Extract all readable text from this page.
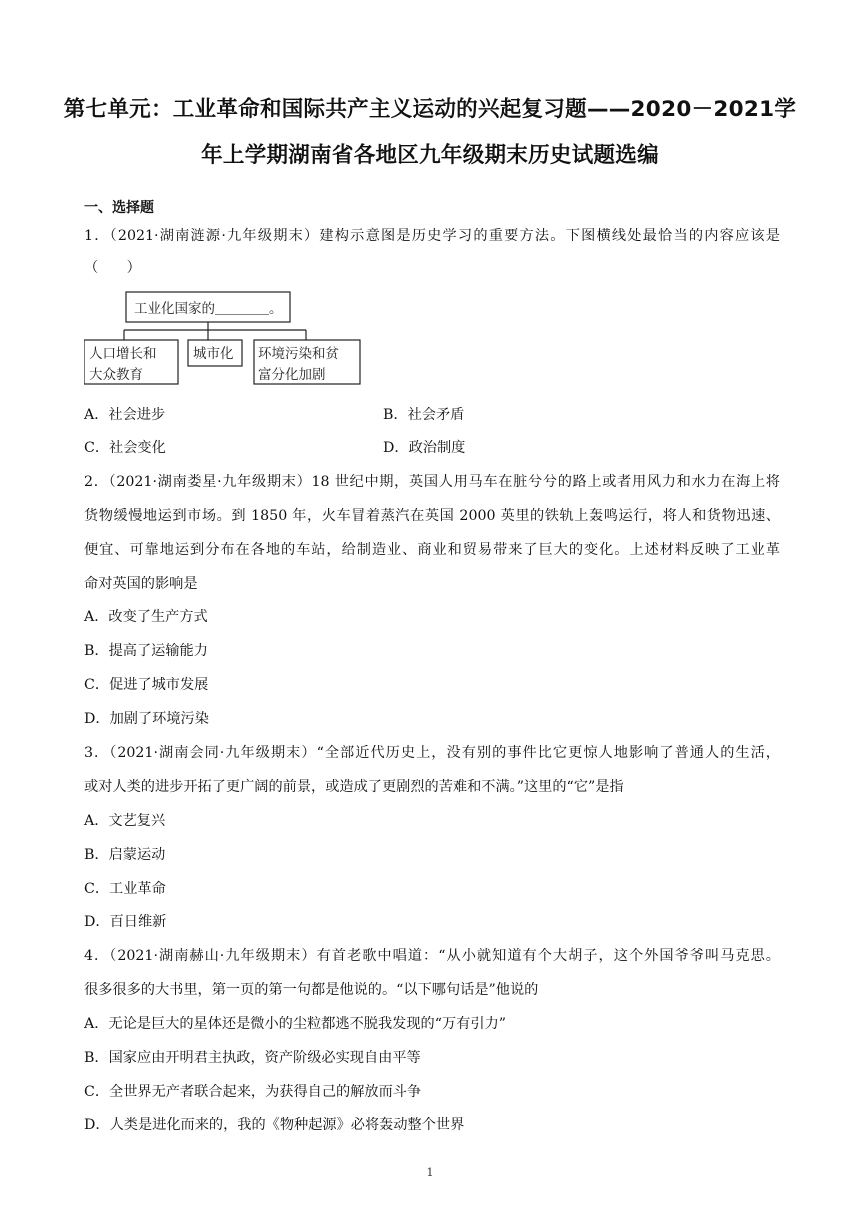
第七单元：工业革命和国际共产主义运动的兴起复习题——2020－2021学
年上学期湖南省各地区九年级期末历史试题选编
一、选择题
1．（2021·湖南涟源·九年级期末）建构示意图是历史学习的重要方法。下图横线处最恰当的内容应该是
（　　）
工业化国家的＿＿＿＿。
人口增长和
大众教育
城市化 环境污染和贫
富分化加剧
A．社会进步	B．社会矛盾
C．社会变化	D．政治制度
2．（2021·湖南娄星·九年级期末）18 世纪中期，英国人用马车在脏兮兮的路上或者用风力和水力在海上将
货物缓慢地运到市场。到 1850 年，火车冒着蒸汽在英国 2000 英里的铁轨上轰鸣运行，将人和货物迅速、
便宜、可靠地运到分布在各地的车站，给制造业、商业和贸易带来了巨大的变化。上述材料反映了工业革
命对英国的影响是
A．改变了生产方式
B．提高了运输能力
C．促进了城市发展
D．加剧了环境污染
3．（2021·湖南会同·九年级期末）“全部近代历史上，没有别的事件比它更惊人地影响了普通人的生活，
或对人类的进步开拓了更广阔的前景，或造成了更剧烈的苦难和不满。”这里的“它”是指
A．文艺复兴
B．启蒙运动
C．工业革命
D．百日维新
4．（2021·湖南赫山·九年级期末）有首老歌中唱道：“从小就知道有个大胡子，这个外国爷爷叫马克思。
很多很多的大书里，第一页的第一句都是他说的。“以下哪句话是”他说的
A．无论是巨大的星体还是微小的尘粒都逃不脱我发现的“万有引力”
B．国家应由开明君主执政，资产阶级必实现自由平等
C．全世界无产者联合起来，为获得自己的解放而斗争
D．人类是进化而来的，我的《物种起源》必将轰动整个世界
1
